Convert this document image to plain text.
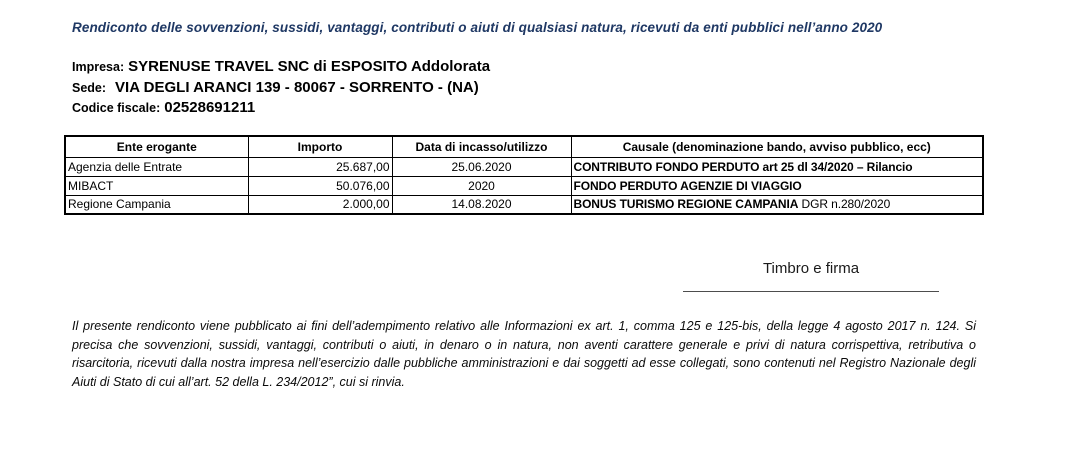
Rendiconto delle sovvenzioni, sussidi, vantaggi, contributi o aiuti di qualsiasi natura, ricevuti da enti pubblici nell’anno 2020
Impresa: SYRENUSE TRAVEL SNC di ESPOSITO Addolorata
Sede: VIA DEGLI ARANCI 139 - 80067 - SORRENTO - (NA)
Codice fiscale: 02528691211
Ente erogante	Importo	Data di incasso/utilizzo	Causale (denominazione bando, avviso pubblico, ecc)
Agenzia delle Entrate	25.687,00	25.06.2020	CONTRIBUTO FONDO PERDUTO art 25 dl 34/2020 – Rilancio
MIBACT	50.076,00	2020	FONDO PERDUTO AGENZIE DI VIAGGIO
Regione Campania	2.000,00	14.08.2020	BONUS TURISMO REGIONE CAMPANIA DGR n.280/2020
Timbro e firma

Il presente rendiconto viene pubblicato ai fini dell’adempimento relativo alle Informazioni ex art. 1, comma 125 e 125-bis, della legge 4 agosto 2017 n. 124. Si precisa che sovvenzioni, sussidi, vantaggi, contributi o aiuti, in denaro o in natura, non aventi carattere generale e privi di natura corrispettiva, retributiva o risarcitoria, ricevuti dalla nostra impresa nell’esercizio dalle pubbliche amministrazioni e dai soggetti ad esse collegati, sono contenuti nel Registro Nazionale degli Aiuti di Stato di cui all’art. 52 della L. 234/2012”, cui si rinvia.
